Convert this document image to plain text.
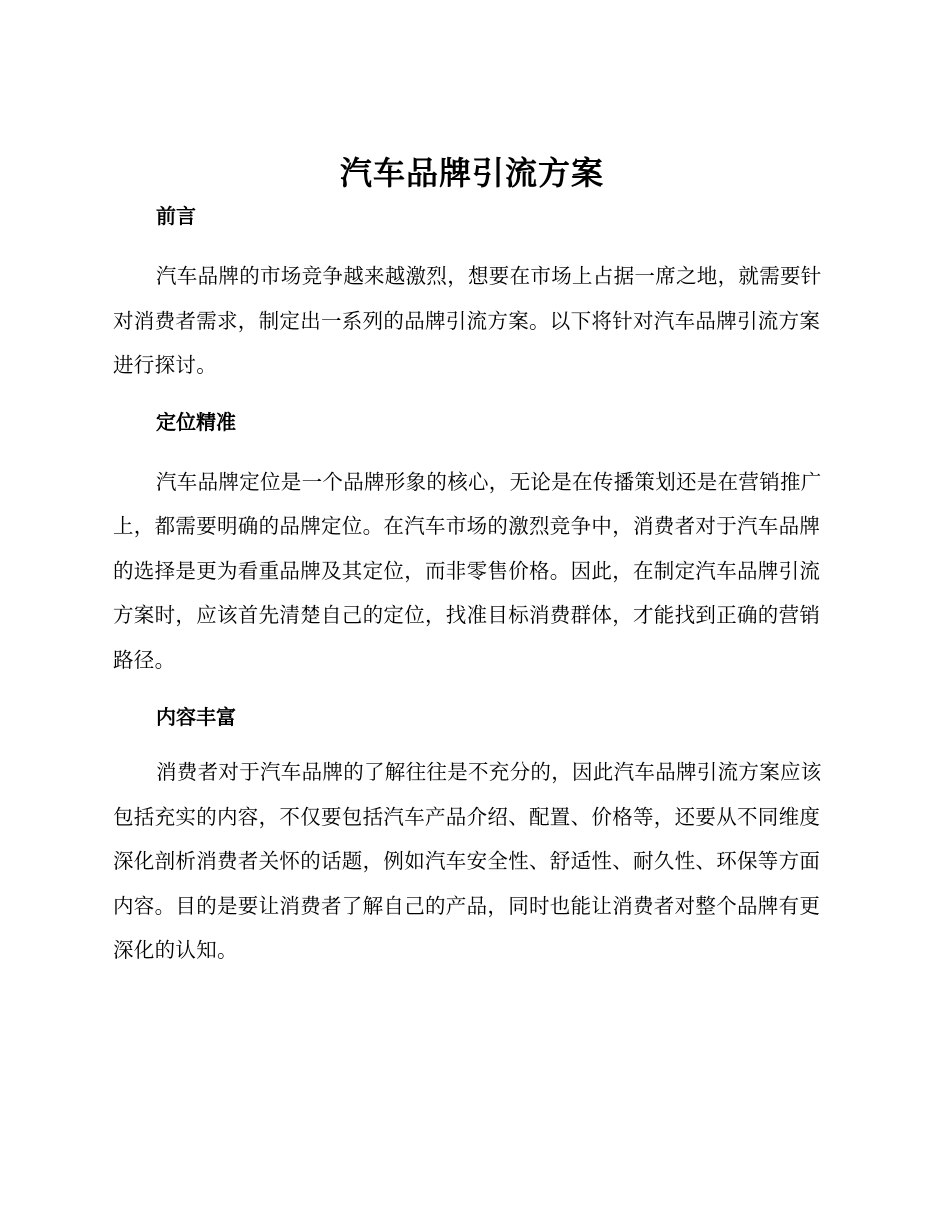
汽车品牌引流方案
前言

汽车品牌的市场竞争越来越激烈，想要在市场上占据一席之地，就需要针对消费者需求，制定出一系列的品牌引流方案。以下将针对汽车品牌引流方案进行探讨。

定位精准

汽车品牌定位是一个品牌形象的核心，无论是在传播策划还是在营销推广上，都需要明确的品牌定位。在汽车市场的激烈竞争中，消费者对于汽车品牌的选择是更为看重品牌及其定位，而非零售价格。因此，在制定汽车品牌引流方案时，应该首先清楚自己的定位，找准目标消费群体，才能找到正确的营销路径。

内容丰富

消费者对于汽车品牌的了解往往是不充分的，因此汽车品牌引流方案应该包括充实的内容，不仅要包括汽车产品介绍、配置、价格等，还要从不同维度深化剖析消费者关怀的话题，例如汽车安全性、舒适性、耐久性、环保等方面内容。目的是要让消费者了解自己的产品，同时也能让消费者对整个品牌有更深化的认知。
